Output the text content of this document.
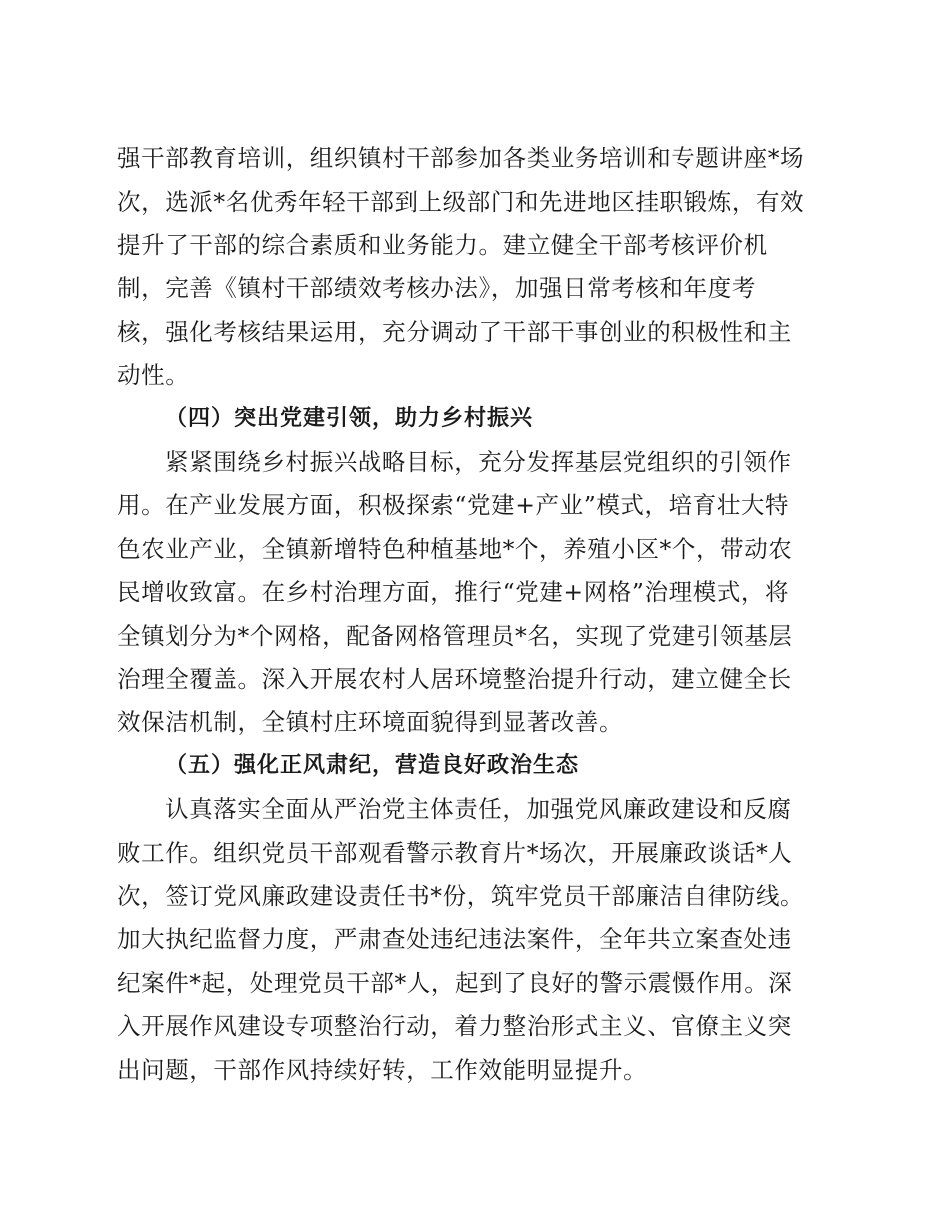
强干部教育培训，组织镇村干部参加各类业务培训和专题讲座*场
次，选派*名优秀年轻干部到上级部门和先进地区挂职锻炼，有效
提升了干部的综合素质和业务能力。建立健全干部考核评价机
制，完善《镇村干部绩效考核办法》，加强日常考核和年度考
核，强化考核结果运用，充分调动了干部干事创业的积极性和主
动性。
（四）突出党建引领，助力乡村振兴
紧紧围绕乡村振兴战略目标，充分发挥基层党组织的引领作
用。在产业发展方面，积极探索“党建+产业”模式，培育壮大特
色农业产业，全镇新增特色种植基地*个，养殖小区*个，带动农
民增收致富。在乡村治理方面，推行“党建+网格”治理模式，将
全镇划分为*个网格，配备网格管理员*名，实现了党建引领基层
治理全覆盖。深入开展农村人居环境整治提升行动，建立健全长
效保洁机制，全镇村庄环境面貌得到显著改善。
（五）强化正风肃纪，营造良好政治生态
认真落实全面从严治党主体责任，加强党风廉政建设和反腐
败工作。组织党员干部观看警示教育片*场次，开展廉政谈话*人
次，签订党风廉政建设责任书*份，筑牢党员干部廉洁自律防线。
加大执纪监督力度，严肃查处违纪违法案件，全年共立案查处违
纪案件*起，处理党员干部*人，起到了良好的警示震慑作用。深
入开展作风建设专项整治行动，着力整治形式主义、官僚主义突
出问题，干部作风持续好转，工作效能明显提升。
